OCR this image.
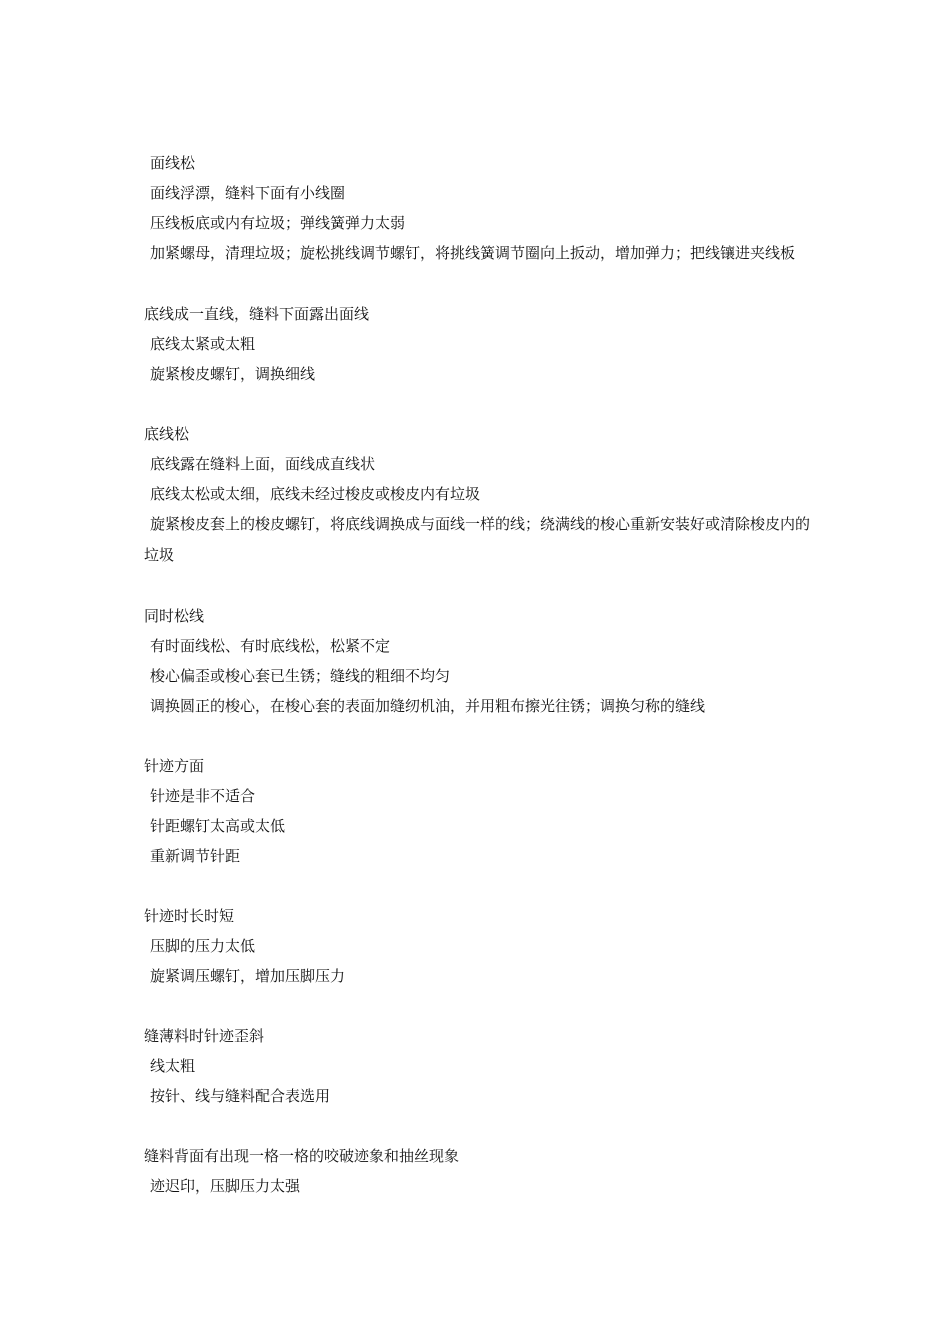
面线松

面线浮漂，缝料下面有小线圈

压线板底或内有垃圾；弹线簧弹力太弱

加紧螺母，清理垃圾；旋松挑线调节螺钉，将挑线簧调节圈向上扳动，增加弹力；把线镶进夹线板

底线成一直线，缝料下面露出面线

底线太紧或太粗

旋紧梭皮螺钉，调换细线

底线松

底线露在缝料上面，面线成直线状

底线太松或太细，底线未经过梭皮或梭皮内有垃圾

旋紧梭皮套上的梭皮螺钉，将底线调换成与面线一样的线；绕满线的梭心重新安装好或清除梭皮内的垃圾

同时松线

有时面线松、有时底线松，松紧不定

梭心偏歪或梭心套已生锈；缝线的粗细不均匀

调换圆正的梭心，在梭心套的表面加缝纫机油，并用粗布擦光往锈；调换匀称的缝线

针迹方面

针迹是非不适合

针距螺钉太高或太低

重新调节针距

针迹时长时短

压脚的压力太低

旋紧调压螺钉，增加压脚压力

缝薄料时针迹歪斜

线太粗

按针、线与缝料配合表选用

缝料背面有出现一格一格的咬破迹象和抽丝现象

迹迟印，压脚压力太强
